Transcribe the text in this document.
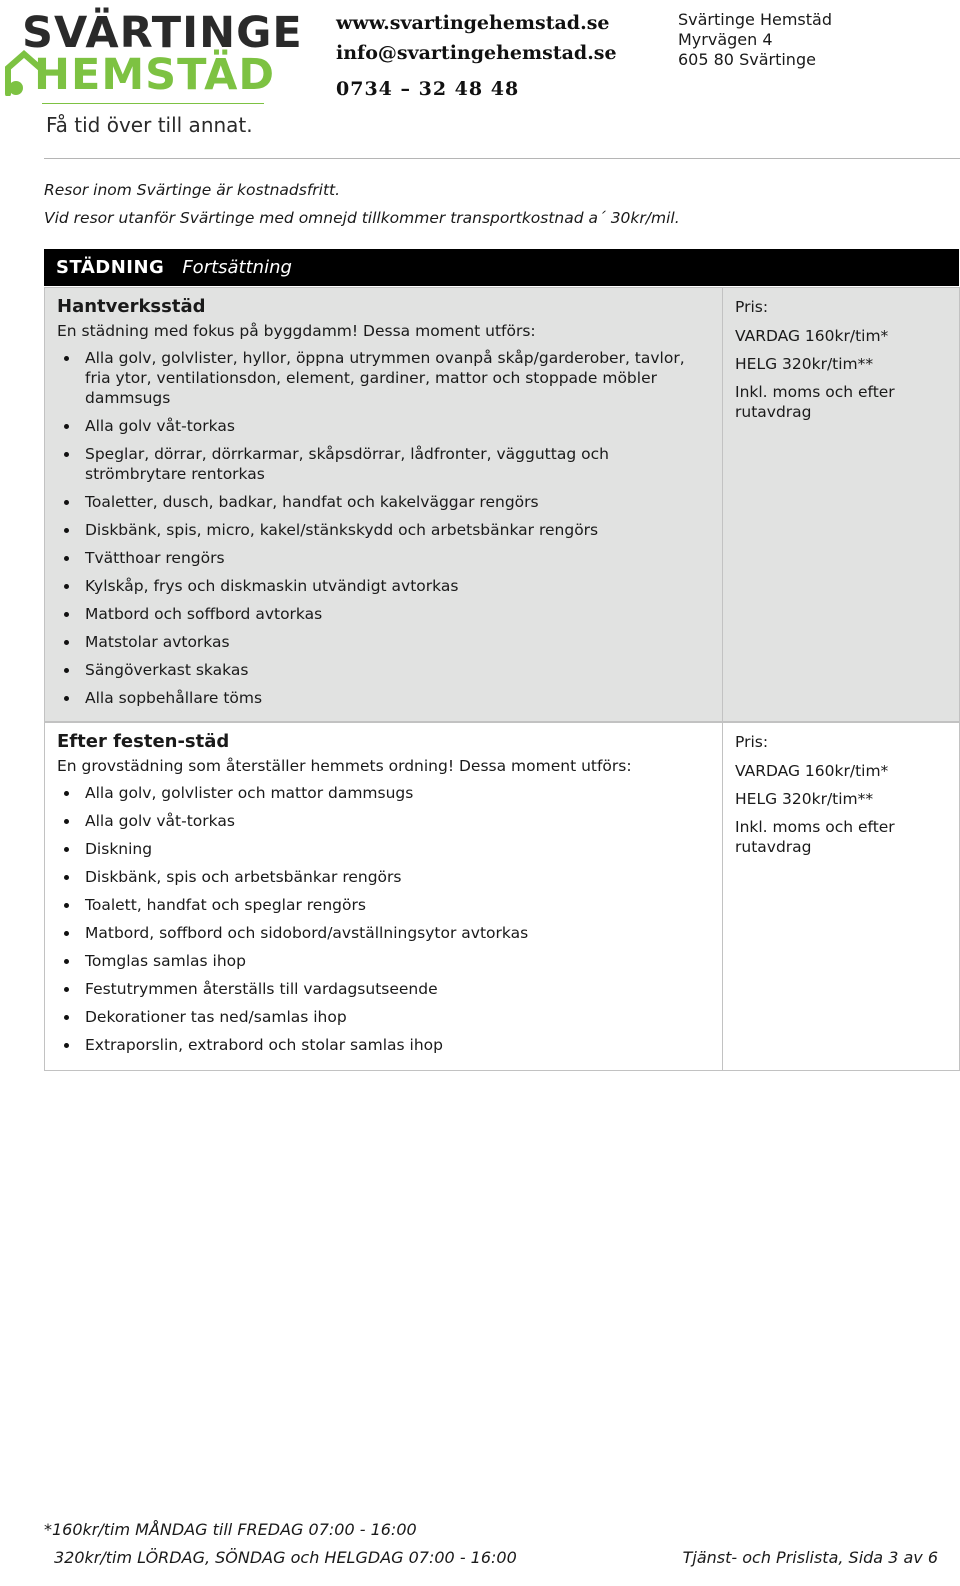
SVÄRTINGE
HEMSTÄD
Få tid över till annat.
www.svartingehemstad.se
info@svartingehemstad.se
0734 – 32 48 48
Svärtinge Hemstäd
Myrvägen 4
605 80 Svärtinge
Resor inom Svärtinge är kostnadsfritt.
Vid resor utanför Svärtinge med omnejd tillkommer transportkostnad a´ 30kr/mil.
STÄDNING Fortsättning
Hantverksstäd
En städning med fokus på byggdamm! Dessa moment utförs:
Alla golv, golvlister, hyllor, öppna utrymmen ovanpå skåp/garderober, tavlor, fria ytor, ventilationsdon, element, gardiner, mattor och stoppade möbler dammsugs
Alla golv våt-torkas
Speglar, dörrar, dörrkarmar, skåpsdörrar, lådfronter, vägguttag och strömbrytare rentorkas
Toaletter, dusch, badkar, handfat och kakelväggar rengörs
Diskbänk, spis, micro, kakel/stänkskydd och arbetsbänkar rengörs
Tvätthoar rengörs
Kylskåp, frys och diskmaskin utvändigt avtorkas
Matbord och soffbord avtorkas
Matstolar avtorkas
Sängöverkast skakas
Alla sopbehållare töms
Pris:
VARDAG 160kr/tim*
HELG 320kr/tim**
Inkl. moms och efter rutavdrag
Efter festen-städ
En grovstädning som återställer hemmets ordning! Dessa moment utförs:
Alla golv, golvlister och mattor dammsugs
Alla golv våt-torkas
Diskning
Diskbänk, spis och arbetsbänkar rengörs
Toalett, handfat och speglar rengörs
Matbord, soffbord och sidobord/avställningsytor avtorkas
Tomglas samlas ihop
Festutrymmen återställs till vardagsutseende
Dekorationer tas ned/samlas ihop
Extraporslin, extrabord och stolar samlas ihop
Pris:
VARDAG 160kr/tim*
HELG 320kr/tim**
Inkl. moms och efter rutavdrag
*160kr/tim MÅNDAG till FREDAG 07:00 - 16:00
320kr/tim LÖRDAG, SÖNDAG och HELGDAG 07:00 - 16:00	Tjänst- och Prislista, Sida 3 av 6
